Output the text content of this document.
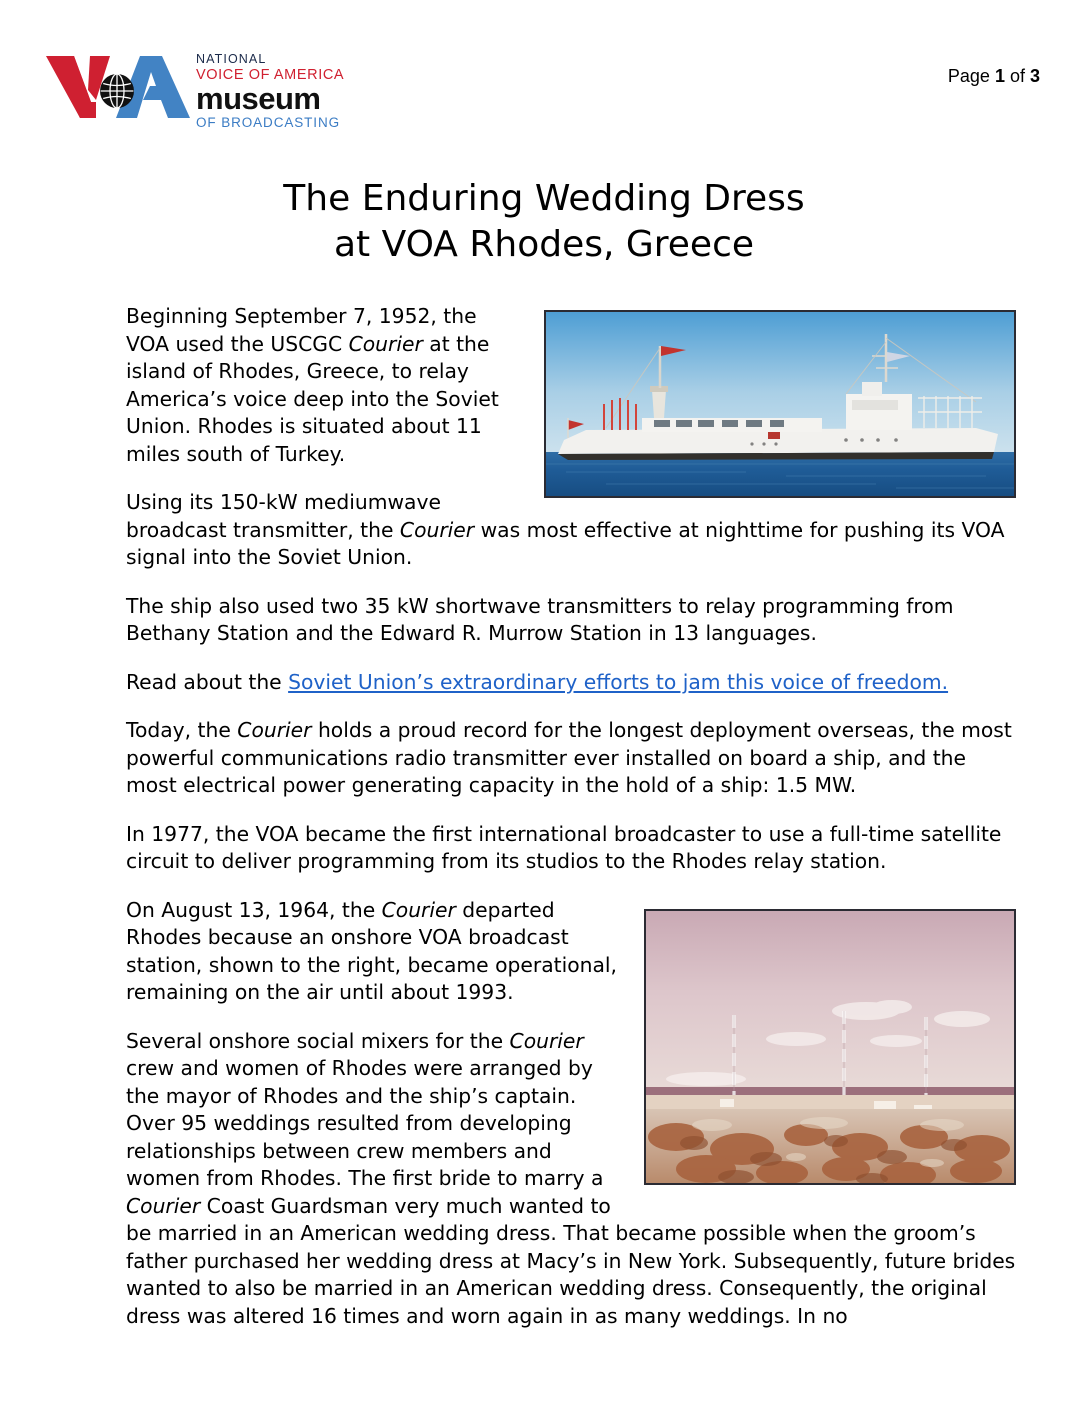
NATIONAL
VOICE OF AMERICA
museum
OF BROADCASTING
Page 1 of 3
The Enduring Wedding Dress
at VOA Rhodes, Greece

Beginning September 7, 1952, the VOA used the USCGC Courier at the island of Rhodes, Greece, to relay America’s voice deep into the Soviet Union. Rhodes is situated about 11 miles south of Turkey.

Using its 150-kW mediumwave broadcast transmitter, the Courier was most effective at nighttime for pushing its VOA signal into the Soviet Union.

The ship also used two 35 kW shortwave transmitters to relay programming from Bethany Station and the Edward R. Murrow Station in 13 languages.

Read about the Soviet Union’s extraordinary efforts to jam this voice of freedom.

Today, the Courier holds a proud record for the longest deployment overseas, the most powerful communications radio transmitter ever installed on board a ship, and the most electrical power generating capacity in the hold of a ship: 1.5 MW.

In 1977, the VOA became the first international broadcaster to use a full-time satellite circuit to deliver programming from its studios to the Rhodes relay station.

On August 13, 1964, the Courier departed Rhodes because an onshore VOA broadcast station, shown to the right, became operational, remaining on the air until about 1993.

Several onshore social mixers for the Courier crew and women of Rhodes were arranged by the mayor of Rhodes and the ship’s captain. Over 95 weddings resulted from developing relationships between crew members and women from Rhodes. The first bride to marry a Courier Coast Guardsman very much wanted to be married in an American wedding dress. That became possible when the groom’s father purchased her wedding dress at Macy’s in New York. Subsequently, future brides wanted to also be married in an American wedding dress. Consequently, the original dress was altered 16 times and worn again in as many weddings. In no
